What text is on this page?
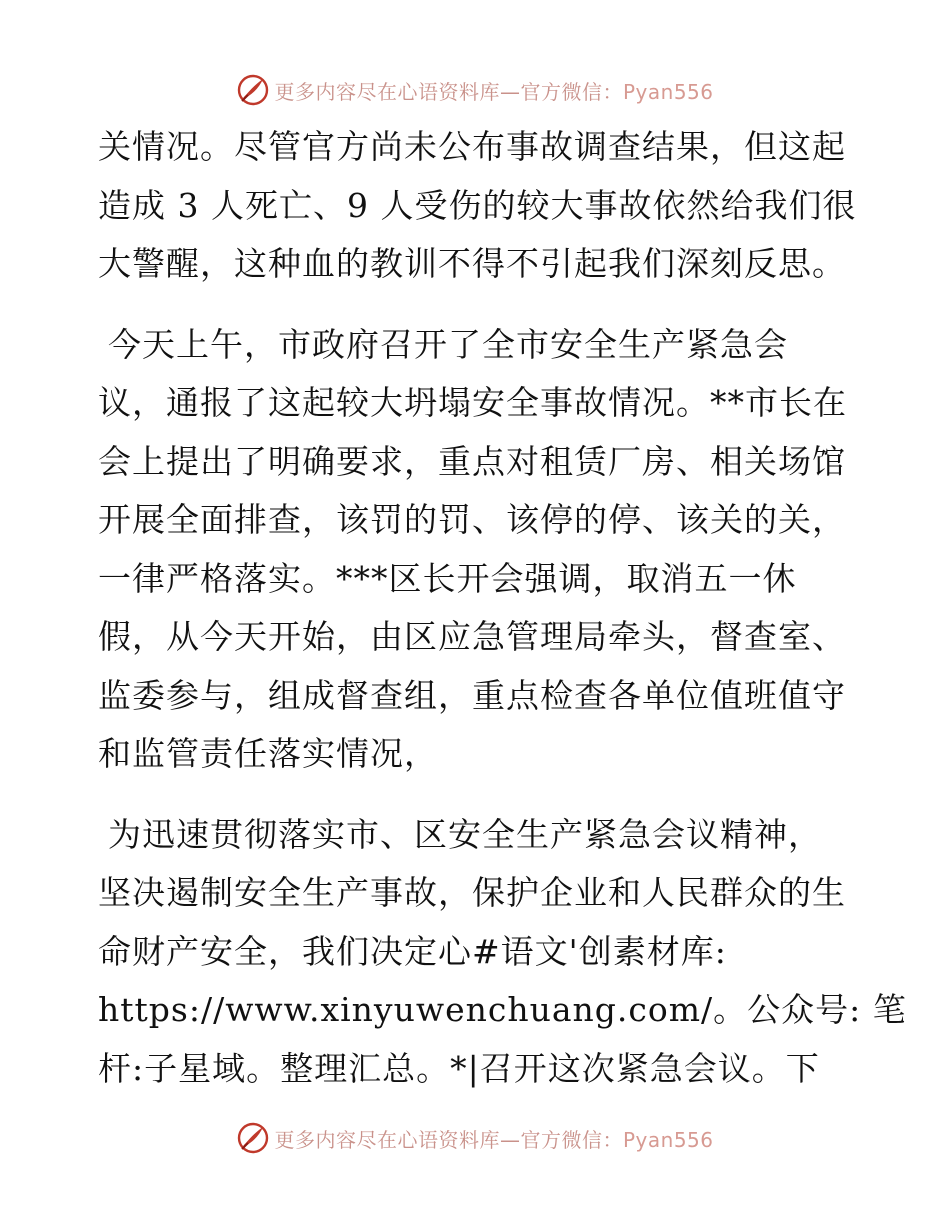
更多内容尽在心语资料库—官方微信：Pyan556
关情况。尽管官方尚未公布事故调查结果，但这起
造成 3 人死亡、9 人受伤的较大事故依然给我们很
大警醒，这种血的教训不得不引起我们深刻反思。
今天上午，市政府召开了全市安全生产紧急会
议，通报了这起较大坍塌安全事故情况。**市长在
会上提出了明确要求，重点对租赁厂房、相关场馆
开展全面排查，该罚的罚、该停的停、该关的关，
一律严格落实。***区长开会强调，取消五一休
假，从今天开始，由区应急管理局牵头，督查室、
监委参与，组成督查组，重点检查各单位值班值守
和监管责任落实情况，
为迅速贯彻落实市、区安全生产紧急会议精神，
坚决遏制安全生产事故，保护企业和人民群众的生
命财产安全，我们决定心#语文'创素材库:
https://www.xinyuwenchuang.com/。公众号: 笔
杆:子星域。整理汇总。*|召开这次紧急会议。下
更多内容尽在心语资料库—官方微信：Pyan556
